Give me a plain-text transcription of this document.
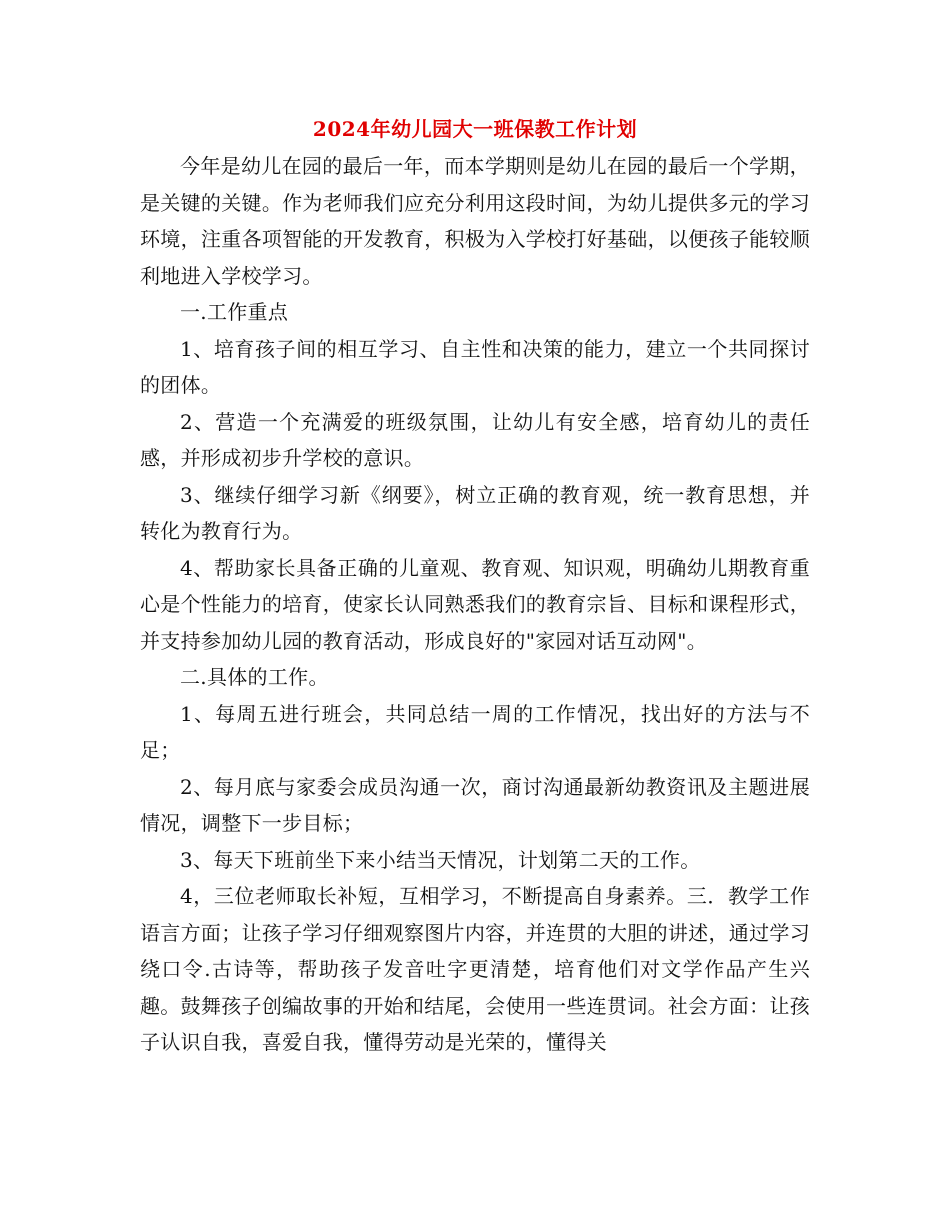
2024年幼儿园大一班保教工作计划

今年是幼儿在园的最后一年，而本学期则是幼儿在园的最后一个学期，是关键的关键。作为老师我们应充分利用这段时间，为幼儿提供多元的学习环境，注重各项智能的开发教育，积极为入学校打好基础，以便孩子能较顺利地进入学校学习。

一.工作重点

1、培育孩子间的相互学习、自主性和决策的能力，建立一个共同探讨的团体。

2、营造一个充满爱的班级氛围，让幼儿有安全感，培育幼儿的责任感，并形成初步升学校的意识。

3、继续仔细学习新《纲要》，树立正确的教育观，统一教育思想，并转化为教育行为。

4、帮助家长具备正确的儿童观、教育观、知识观，明确幼儿期教育重心是个性能力的培育，使家长认同熟悉我们的教育宗旨、目标和课程形式，并支持参加幼儿园的教育活动，形成良好的"家园对话互动网"。

二.具体的工作。

1、每周五进行班会，共同总结一周的工作情况，找出好的方法与不足；

2、每月底与家委会成员沟通一次，商讨沟通最新幼教资讯及主题进展情况，调整下一步目标；

3、每天下班前坐下来小结当天情况，计划第二天的工作。

4，三位老师取长补短，互相学习，不断提高自身素养。三．教学工作语言方面；让孩子学习仔细观察图片内容，并连贯的大胆的讲述，通过学习绕口令.古诗等，帮助孩子发音吐字更清楚，培育他们对文学作品产生兴趣。鼓舞孩子创编故事的开始和结尾，会使用一些连贯词。社会方面：让孩子认识自我，喜爱自我，懂得劳动是光荣的，懂得关
